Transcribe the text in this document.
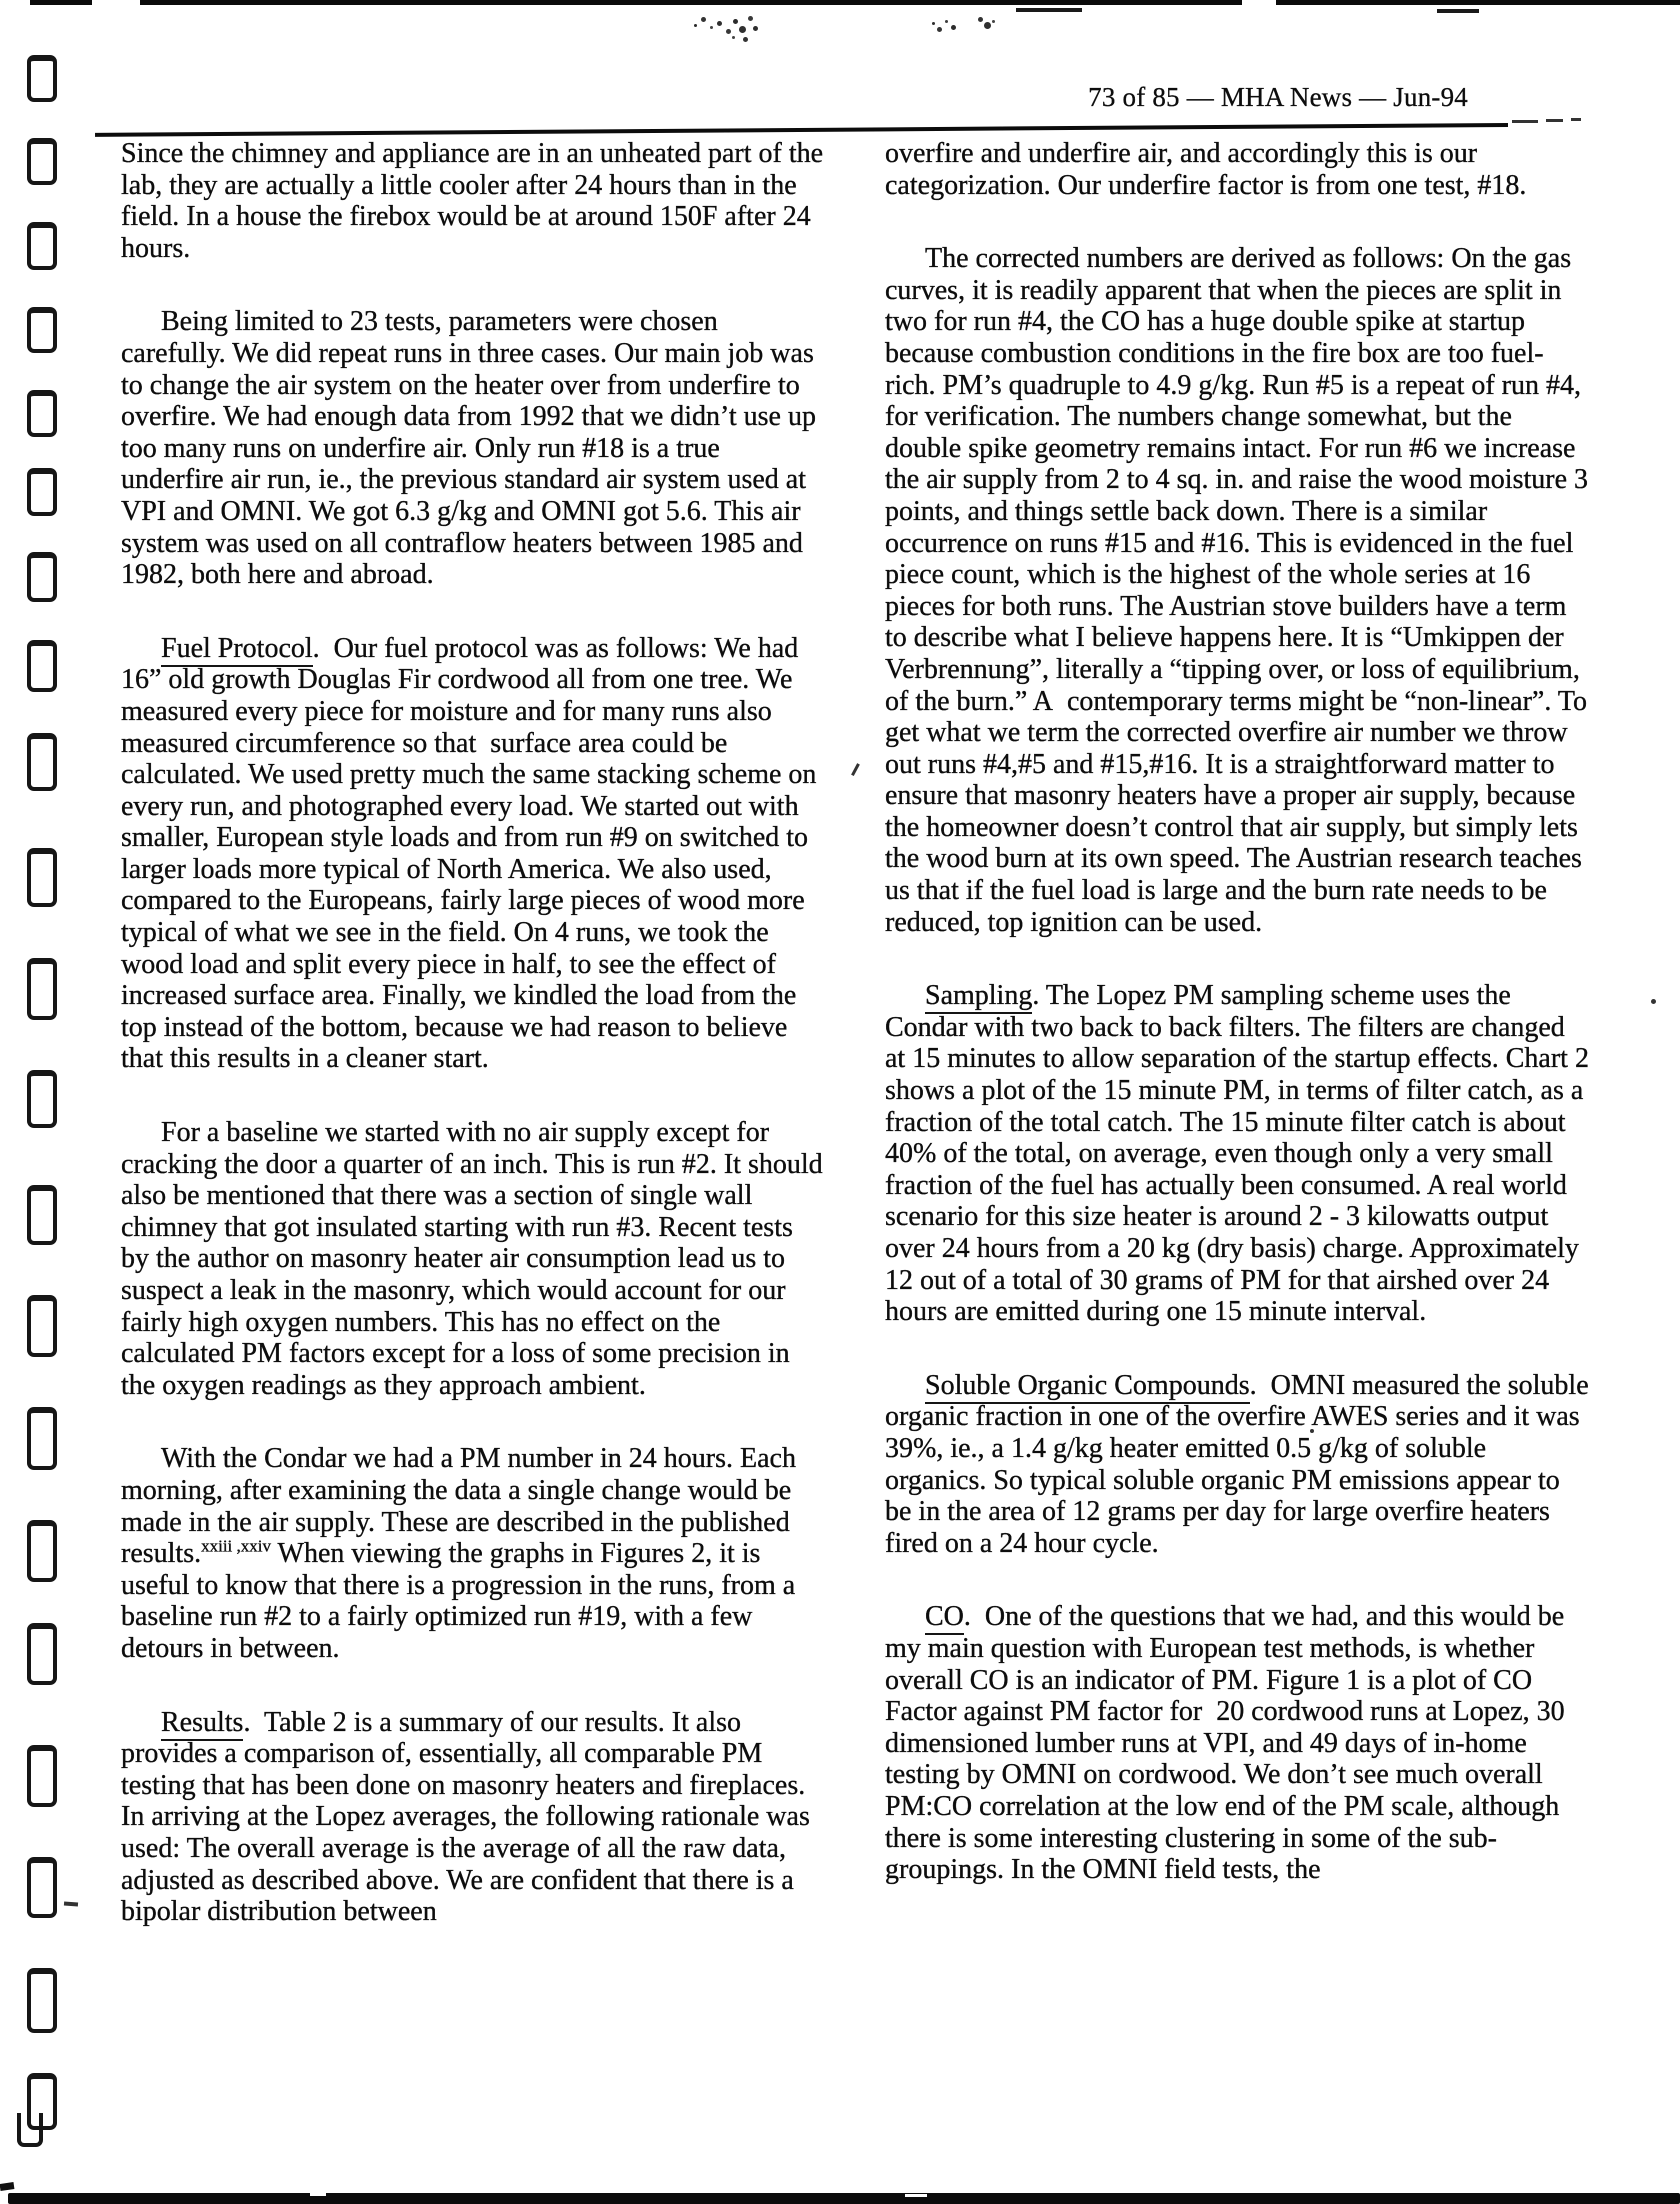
73 of 85 — MHA News — Jun-94

Since the chimney and appliance are in an unheated part of the lab, they are actually a little cooler after 24 hours than in the field. In a house the firebox would be at around 150F after 24 hours.

Being limited to 23 tests, parameters were chosen carefully. We did repeat runs in three cases. Our main job was to change the air system on the heater over from underfire to overfire. We had enough data from 1992 that we didn’t use up too many runs on underfire air. Only run #18 is a true underfire air run, ie., the previous standard air system used at VPI and OMNI. We got 6.3 g/kg and OMNI got 5.6. This air system was used on all contraflow heaters between 1985 and 1982, both here and abroad.

Fuel Protocol.  Our fuel protocol was as follows: We had 16” old growth Douglas Fir cordwood all from one tree. We measured every piece for moisture and for many runs also measured circumference so that  surface area could be calculated. We used pretty much the same stacking scheme on every run, and photographed every load. We started out with smaller, European style loads and from run #9 on switched to larger loads more typical of North America. We also used, compared to the Europeans, fairly large pieces of wood more typical of what we see in the field. On 4 runs, we took the wood load and split every piece in half, to see the effect of increased surface area. Finally, we kindled the load from the top instead of the bottom, because we had reason to believe that this results in a cleaner start.

For a baseline we started with no air supply except for cracking the door a quarter of an inch. This is run #2. It should also be mentioned that there was a section of single wall chimney that got insulated starting with run #3. Recent tests by the author on masonry heater air consumption lead us to suspect a leak in the masonry, which would account for our fairly high oxygen numbers. This has no effect on the calculated PM factors except for a loss of some precision in the oxygen readings as they approach ambient.

With the Condar we had a PM number in 24 hours. Each morning, after examining the data a single change would be made in the air supply. These are described in the published results.$^{xxiii ,xxiv}$ When viewing the graphs in Figures 2, it is useful to know that there is a progression in the runs, from a baseline run #2 to a fairly optimized run #19, with a few detours in between.

Results.  Table 2 is a summary of our results. It also provides a comparison of, essentially, all comparable PM testing that has been done on masonry heaters and fireplaces. In arriving at the Lopez averages, the following rationale was used: The overall average is the average of all the raw data, adjusted as described above. We are confident that there is a bipolar distribution between

overfire and underfire air, and accordingly this is our categorization. Our underfire factor is from one test, #18.

The corrected numbers are derived as follows: On the gas curves, it is readily apparent that when the pieces are split in two for run #4, the CO has a huge double spike at startup because combustion conditions in the fire box are too fuel-rich. PM’s quadruple to 4.9 g/kg. Run #5 is a repeat of run #4, for verification. The numbers change somewhat, but the double spike geometry remains intact. For run #6 we increase the air supply from 2 to 4 sq. in. and raise the wood moisture 3 points, and things settle back down. There is a similar occurrence on runs #15 and #16. This is evidenced in the fuel piece count, which is the highest of the whole series at 16 pieces for both runs. The Austrian stove builders have a term to describe what I believe happens here. It is “Umkippen der Verbrennung”, literally a “tipping over, or loss of equilibrium, of the burn.” A  contemporary terms might be “non-linear”. To get what we term the corrected overfire air number we throw out runs #4,#5 and #15,#16. It is a straightforward matter to ensure that masonry heaters have a proper air supply, because the homeowner doesn’t control that air supply, but simply lets the wood burn at its own speed. The Austrian research teaches us that if the fuel load is large and the burn rate needs to be reduced, top ignition can be used.

Sampling. The Lopez PM sampling scheme uses the Condar with two back to back filters. The filters are changed at 15 minutes to allow separation of the startup effects. Chart 2 shows a plot of the 15 minute PM, in terms of filter catch, as a fraction of the total catch. The 15 minute filter catch is about 40% of the total, on average, even though only a very small fraction of the fuel has actually been consumed. A real world scenario for this size heater is around 2 - 3 kilowatts output over 24 hours from a 20 kg (dry basis) charge. Approximately 12 out of a total of 30 grams of PM for that airshed over 24 hours are emitted during one 15 minute interval.

Soluble Organic Compounds.  OMNI measured the soluble organic fraction in one of the overfire AWES series and it was 39%, ie., a 1.4 g/kg heater emitted 0.5 g/kg of soluble organics. So typical soluble organic PM emissions appear to be in the area of 12 grams per day for large overfire heaters fired on a 24 hour cycle.

CO.  One of the questions that we had, and this would be my main question with European test methods, is whether overall CO is an indicator of PM. Figure 1 is a plot of CO Factor against PM factor for  20 cordwood runs at Lopez, 30 dimensioned lumber runs at VPI, and 49 days of in-home testing by OMNI on cordwood. We don’t see much overall PM:CO correlation at the low end of the PM scale, although there is some interesting clustering in some of the sub-groupings. In the OMNI field tests, the
